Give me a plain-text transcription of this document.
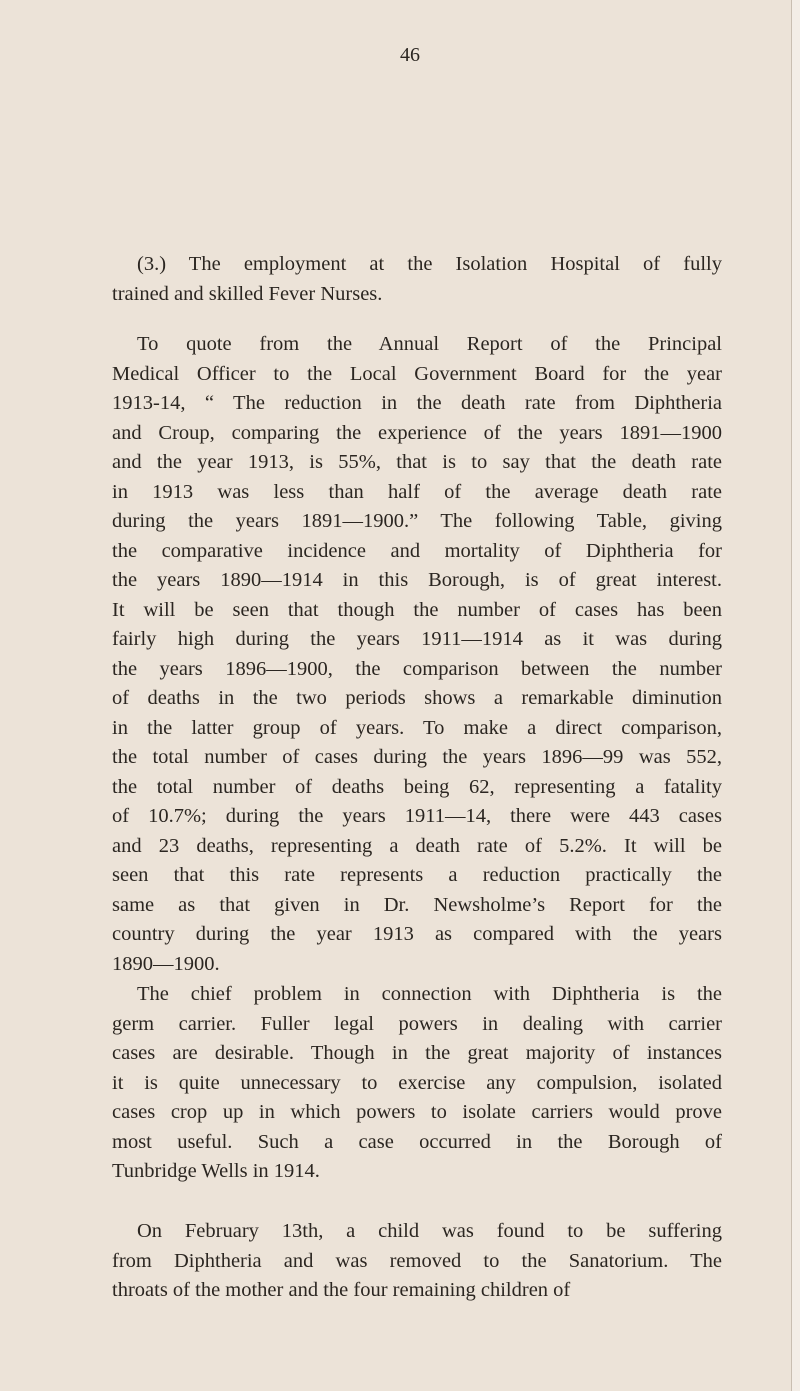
46
(3.) The employment at the Isolation Hospital of fully
trained and skilled Fever Nurses.
To quote from the Annual Report of the Principal
Medical Officer to the Local Government Board for the year
1913-14, “ The reduction in the death rate from Diphtheria
and Croup, comparing the experience of the years 1891—1900
and the year 1913, is 55%, that is to say that the death rate
in 1913 was less than half of the average death rate
during the years 1891—1900.” The following Table, giving
the comparative incidence and mortality of Diphtheria for
the years 1890—1914 in this Borough, is of great interest.
It will be seen that though the number of cases has been
fairly high during the years 1911—1914 as it was during
the years 1896—1900, the comparison between the number
of deaths in the two periods shows a remarkable diminution
in the latter group of years. To make a direct comparison,
the total number of cases during the years 1896—99 was 552,
the total number of deaths being 62, representing a fatality
of 10.7%; during the years 1911—14, there were 443 cases
and 23 deaths, representing a death rate of 5.2%. It will be
seen that this rate represents a reduction practically the
same as that given in Dr. Newsholme’s Report for the
country during the year 1913 as compared with the years
1890—1900.
The chief problem in connection with Diphtheria is the
germ carrier. Fuller legal powers in dealing with carrier
cases are desirable. Though in the great majority of instances
it is quite unnecessary to exercise any compulsion, isolated
cases crop up in which powers to isolate carriers would prove
most useful. Such a case occurred in the Borough of
Tunbridge Wells in 1914.
On February 13th, a child was found to be suffering
from Diphtheria and was removed to the Sanatorium. The
throats of the mother and the four remaining children of
